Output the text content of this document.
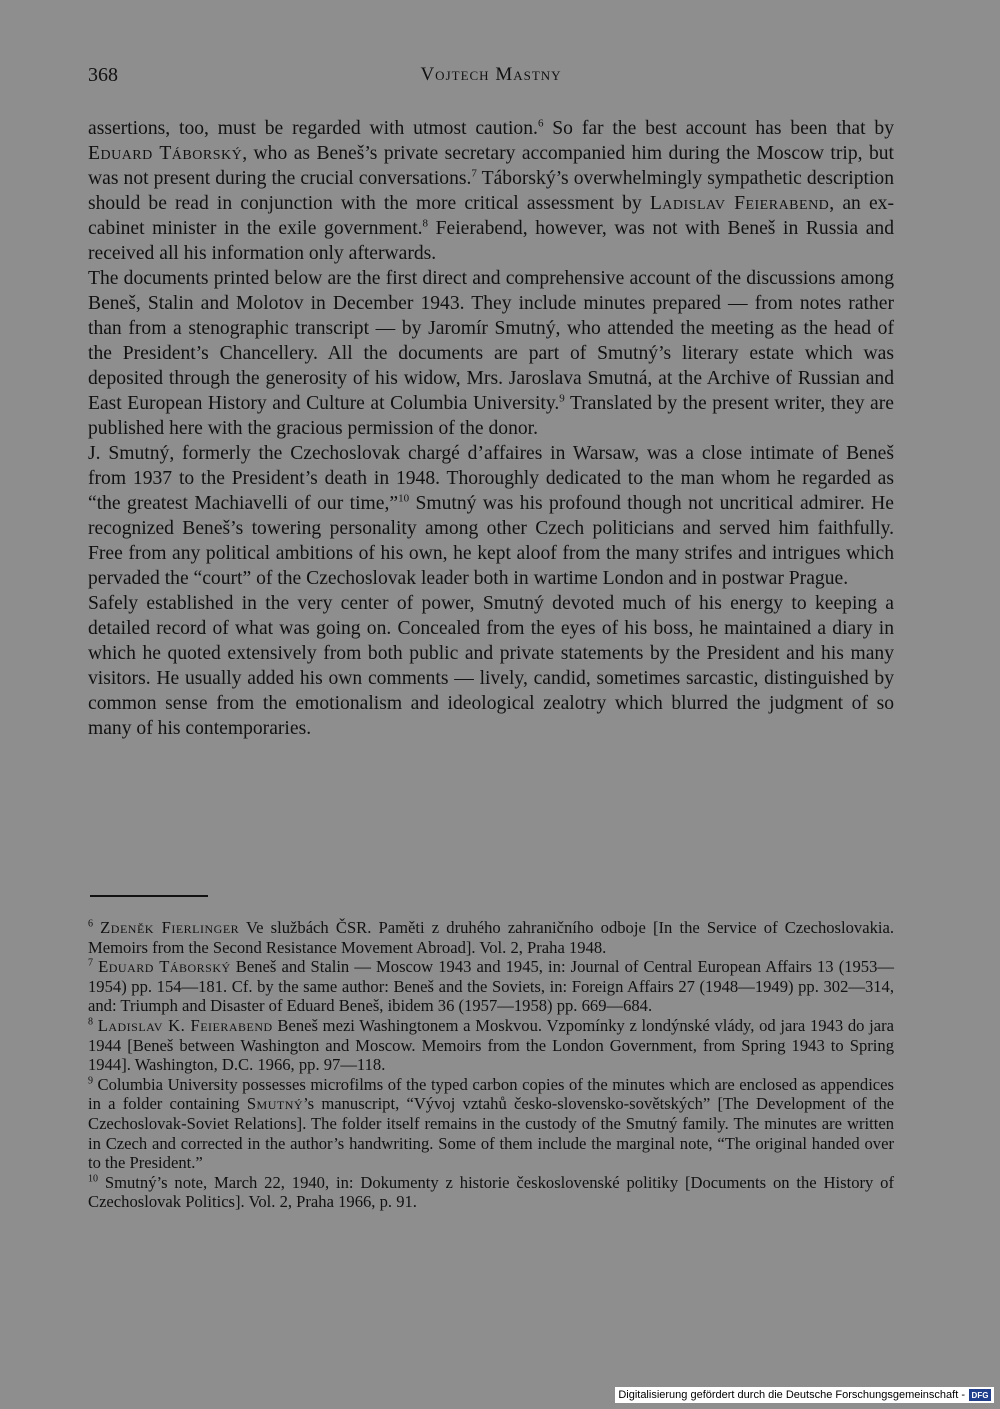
368	Vojtech Mastny

assertions, too, must be regarded with utmost caution.$^6$ So far the best account has been that by Eduard Táborský, who as Beneš’s private secretary accompanied him during the Moscow trip, but was not present during the crucial conversations.$^7$ Táborský’s overwhelmingly sympathetic description should be read in conjunction with the more critical assessment by Ladislav Feierabend, an ex-cabinet minister in the exile government.$^8$ Feierabend, however, was not with Beneš in Russia and received all his information only afterwards.

The documents printed below are the first direct and comprehensive account of the discussions among Beneš, Stalin and Molotov in December 1943. They include minutes prepared — from notes rather than from a stenographic transcript — by Jaromír Smutný, who attended the meeting as the head of the President’s Chancellery. All the documents are part of Smutný’s literary estate which was deposited through the generosity of his widow, Mrs. Jaroslava Smutná, at the Archive of Russian and East European History and Culture at Columbia University.$^9$ Translated by the present writer, they are published here with the gracious permission of the donor.

J. Smutný, formerly the Czechoslovak chargé d’affaires in Warsaw, was a close intimate of Beneš from 1937 to the President’s death in 1948. Thoroughly dedicated to the man whom he regarded as “the greatest Machiavelli of our time,”$^{10}$ Smutný was his profound though not uncritical admirer. He recognized Beneš’s towering personality among other Czech politicians and served him faithfully. Free from any political ambitions of his own, he kept aloof from the many strifes and intrigues which pervaded the “court” of the Czechoslovak leader both in wartime London and in postwar Prague.

Safely established in the very center of power, Smutný devoted much of his energy to keeping a detailed record of what was going on. Concealed from the eyes of his boss, he maintained a diary in which he quoted extensively from both public and private statements by the President and his many visitors. He usually added his own comments — lively, candid, sometimes sarcastic, distinguished by common sense from the emotionalism and ideological zealotry which blurred the judgment of so many of his contemporaries.

$^6$ Zdeněk Fierlinger Ve službách ČSR. Paměti z druhého zahraničního odboje [In the Service of Czechoslovakia. Memoirs from the Second Resistance Movement Abroad]. Vol. 2, Praha 1948.

$^7$ Eduard Táborský Beneš and Stalin — Moscow 1943 and 1945, in: Journal of Central European Affairs 13 (1953—1954) pp. 154—181. Cf. by the same author: Beneš and the Soviets, in: Foreign Affairs 27 (1948—1949) pp. 302—314, and: Triumph and Disaster of Eduard Beneš, ibidem 36 (1957—1958) pp. 669—684.

$^8$ Ladislav K. Feierabend Beneš mezi Washingtonem a Moskvou. Vzpomínky z londýnské vlády, od jara 1943 do jara 1944 [Beneš between Washington and Moscow. Memoirs from the London Government, from Spring 1943 to Spring 1944]. Washington, D.C. 1966, pp. 97—118.

$^9$ Columbia University possesses microfilms of the typed carbon copies of the minutes which are enclosed as appendices in a folder containing Smutný’s manuscript, “Vývoj vztahů česko-slovensko-sovětských” [The Development of the Czechoslovak-Soviet Relations]. The folder itself remains in the custody of the Smutný family. The minutes are written in Czech and corrected in the author’s handwriting. Some of them include the marginal note, “The original handed over to the President.”

$^{10}$ Smutný’s note, March 22, 1940, in: Dokumenty z historie československé politiky [Documents on the History of Czechoslovak Politics]. Vol. 2, Praha 1966, p. 91.

Digitalisierung gefördert durch die Deutsche Forschungsgemeinschaft - DFG
